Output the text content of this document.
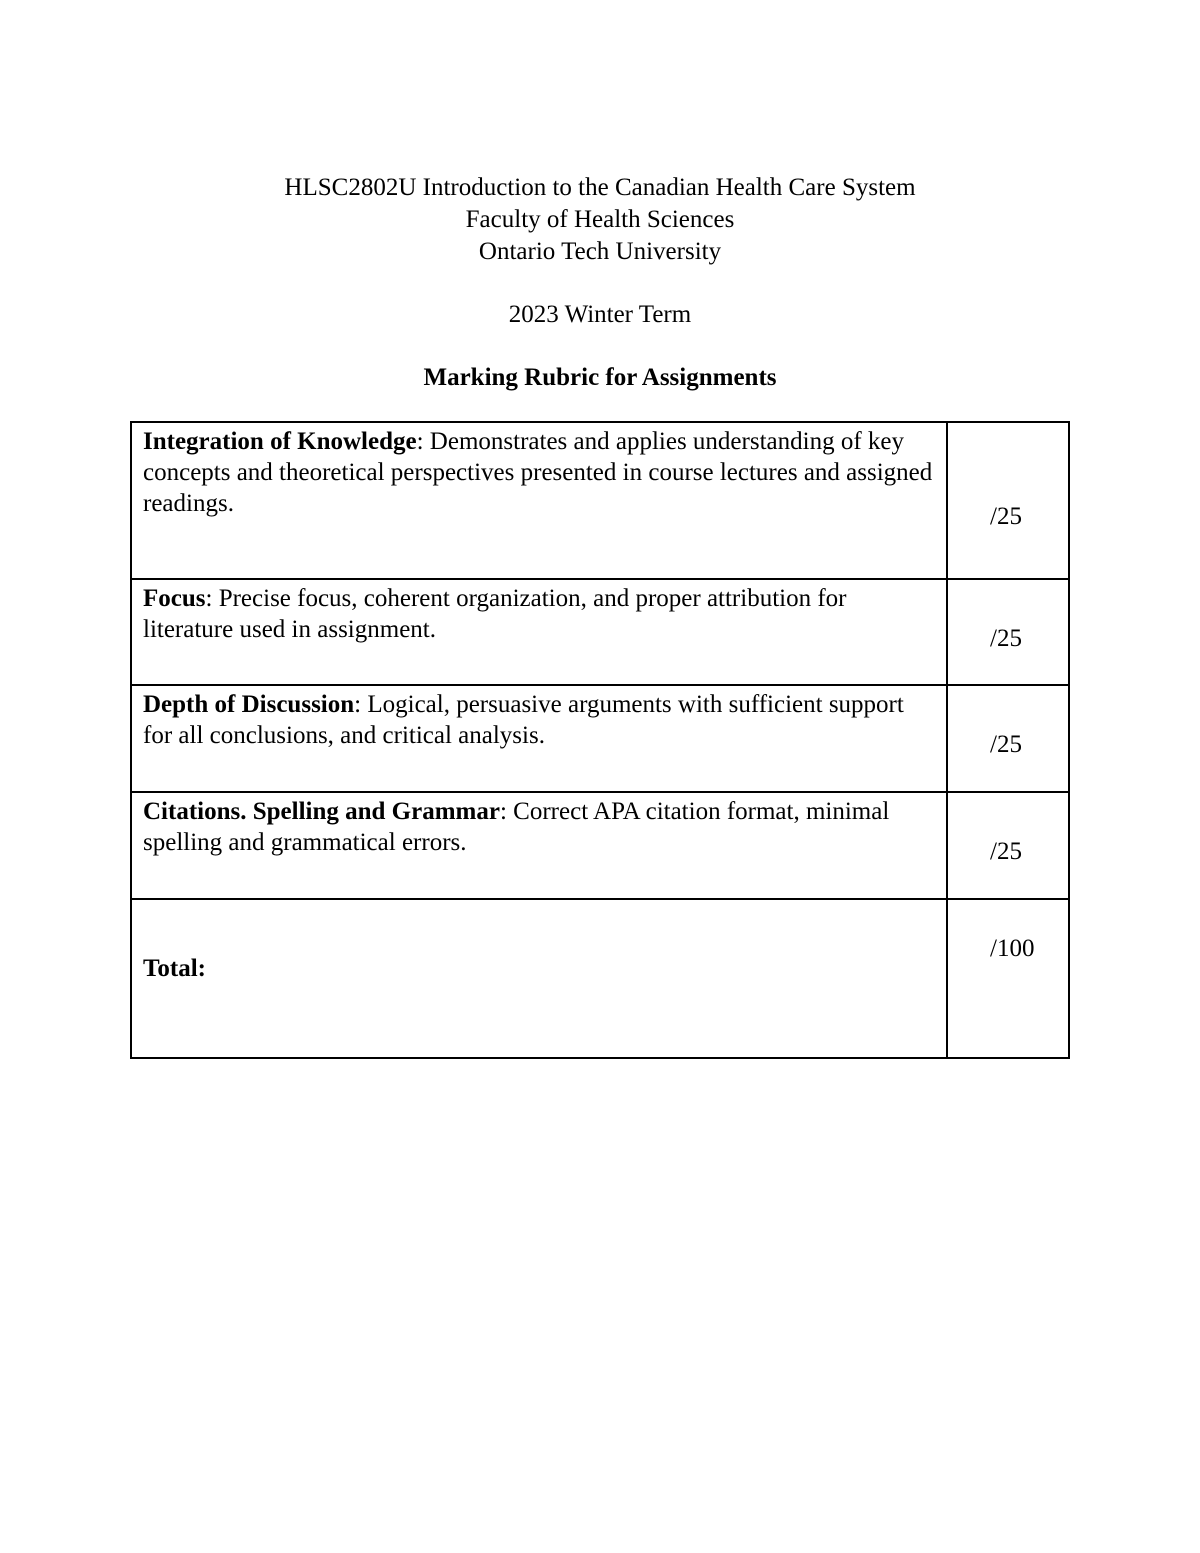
HLSC2802U Introduction to the Canadian Health Care System
Faculty of Health Sciences
Ontario Tech University
2023 Winter Term
Marking Rubric for Assignments
Integration of Knowledge: Demonstrates and applies understanding of key concepts and theoretical perspectives presented in course lectures and assigned readings.	/25
Focus: Precise focus, coherent organization, and proper attribution for literature used in assignment.	/25
Depth of Discussion: Logical, persuasive arguments with sufficient support for all conclusions, and critical analysis.	/25
Citations. Spelling and Grammar: Correct APA citation format, minimal spelling and grammatical errors.	/25
Total:	/100
